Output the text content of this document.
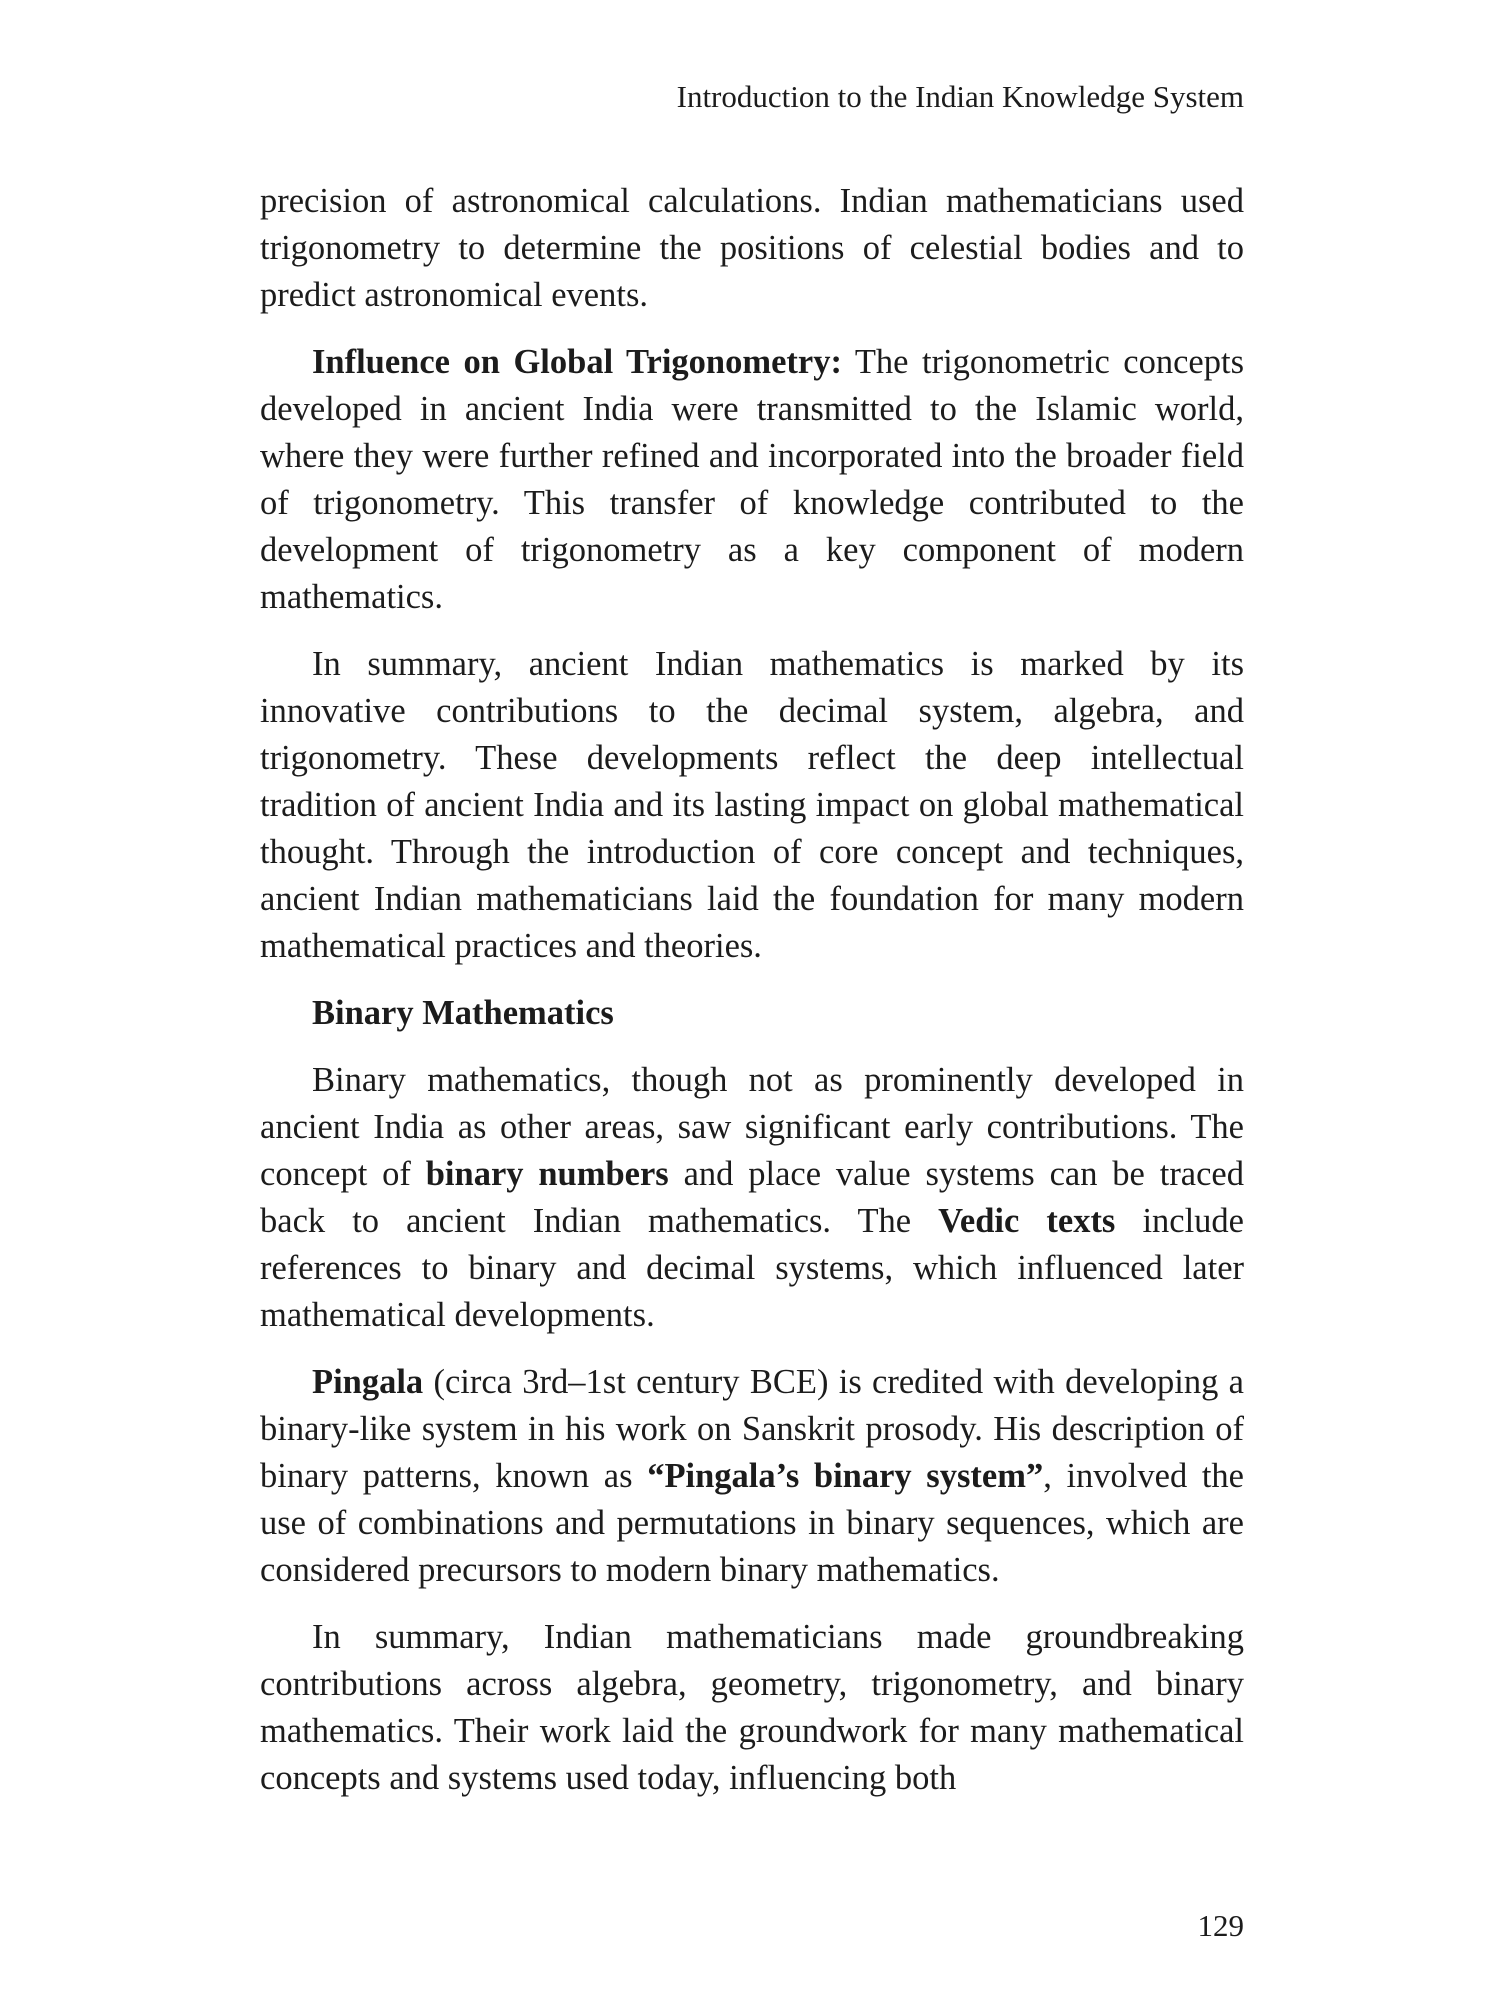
Introduction to the Indian Knowledge System

precision of astronomical calculations. Indian mathematicians used trigonometry to determine the positions of celestial bodies and to predict astronomical events.

Influence on Global Trigonometry: The trigonometric concepts developed in ancient India were transmitted to the Islamic world, where they were further refined and incorporated into the broader field of trigonometry. This transfer of knowledge contributed to the development of trigonometry as a key component of modern mathematics.

In summary, ancient Indian mathematics is marked by its innovative contributions to the decimal system, algebra, and trigonometry. These developments reflect the deep intellectual tradition of ancient India and its lasting impact on global mathematical thought. Through the introduction of core concept and techniques, ancient Indian mathematicians laid the foundation for many modern mathematical practices and theories.

Binary Mathematics

Binary mathematics, though not as prominently developed in ancient India as other areas, saw significant early contributions. The concept of binary numbers and place value systems can be traced back to ancient Indian mathematics. The Vedic texts include references to binary and decimal systems, which influenced later mathematical developments.

Pingala (circa 3rd–1st century BCE) is credited with developing a binary-like system in his work on Sanskrit prosody. His description of binary patterns, known as “Pingala’s binary system”, involved the use of combinations and permutations in binary sequences, which are considered precursors to modern binary mathematics.

In summary, Indian mathematicians made groundbreaking contributions across algebra, geometry, trigonometry, and binary mathematics. Their work laid the groundwork for many mathematical concepts and systems used today, influencing both

129
